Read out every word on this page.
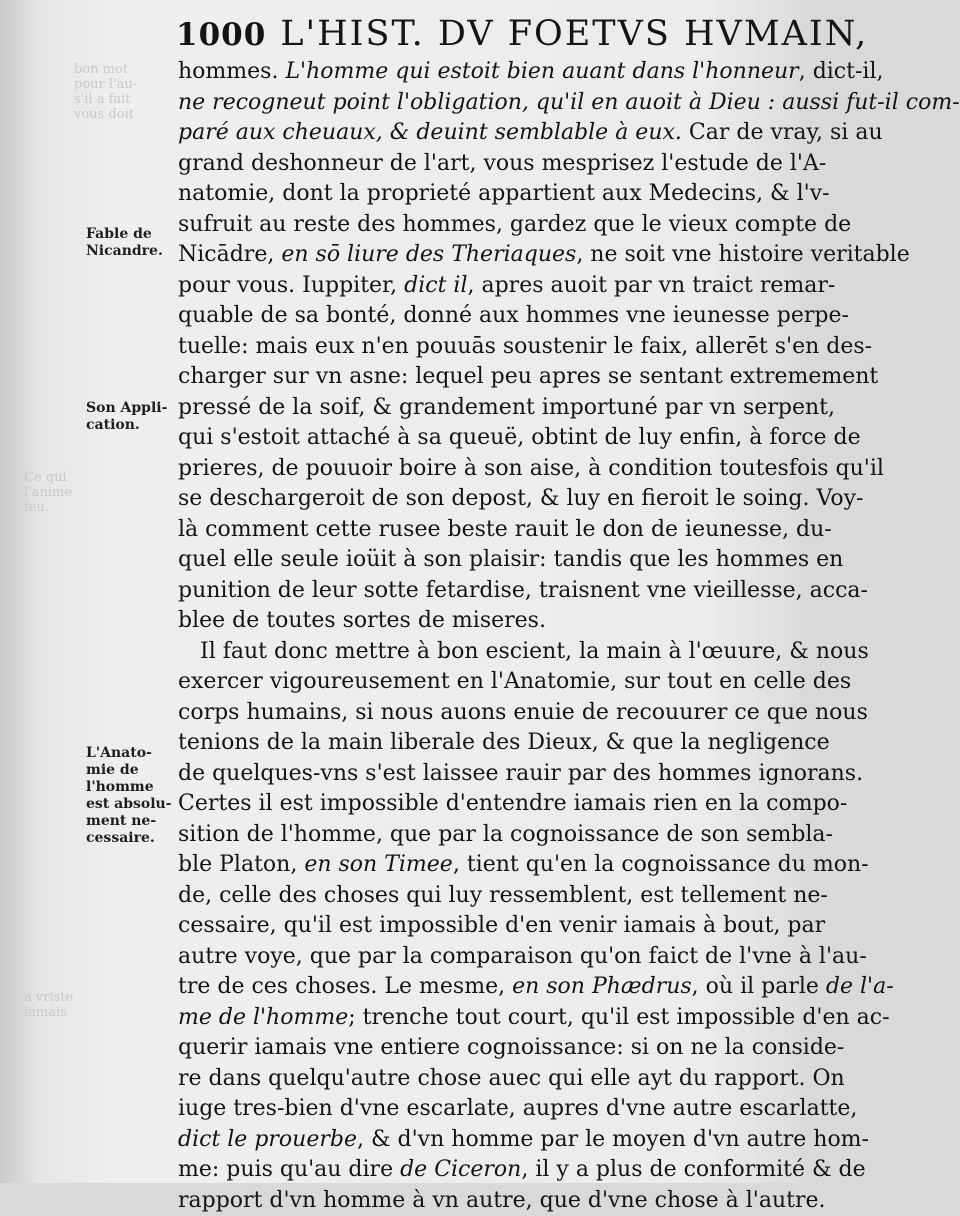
1000 L'HIST. DV FOETVS HVMAIN,
bon mot
pour l'au-
s'il a fait
vous doit
Ce qui
l'anime
feu.
a vriste
iamais
Fable de
Nicandre.
Son Appli-
cation.
L'Anato-
mie de
l'homme
est absolu-
ment ne-
cessaire.
hommes. L'homme qui estoit bien auant dans l'honneur, dict-il,
ne recogneut point l'obligation, qu'il en auoit à Dieu : aussi fut-il com-
paré aux cheuaux, & deuint semblable à eux. Car de vray, si au
grand deshonneur de l'art, vous mesprisez l'estude de l'A-
natomie, dont la proprieté appartient aux Medecins, & l'v-
sufruit au reste des hommes, gardez que le vieux compte de
Nicādre, en sō liure des Theriaques, ne soit vne histoire veritable
pour vous. Iuppiter, dict il, apres auoit par vn traict remar-
quable de sa bonté, donné aux hommes vne ieunesse perpe-
tuelle: mais eux n'en pouuās soustenir le faix, allerēt s'en des-
charger sur vn asne: lequel peu apres se sentant extremement
pressé de la soif, & grandement importuné par vn serpent,
qui s'estoit attaché à sa queuë, obtint de luy enfin, à force de
prieres, de pouuoir boire à son aise, à condition toutesfois qu'il
se deschargeroit de son depost, & luy en fieroit le soing. Voy-
là comment cette rusee beste rauit le don de ieunesse, du-
quel elle seule ioüit à son plaisir: tandis que les hommes en
punition de leur sotte fetardise, traisnent vne vieillesse, acca-
blee de toutes sortes de miseres.
Il faut donc mettre à bon escient, la main à l'œuure, & nous
exercer vigoureusement en l'Anatomie, sur tout en celle des
corps humains, si nous auons enuie de recouurer ce que nous
tenions de la main liberale des Dieux, & que la negligence
de quelques-vns s'est laissee rauir par des hommes ignorans.
Certes il est impossible d'entendre iamais rien en la compo-
sition de l'homme, que par la cognoissance de son sembla-
ble Platon, en son Timee, tient qu'en la cognoissance du mon-
de, celle des choses qui luy ressemblent, est tellement ne-
cessaire, qu'il est impossible d'en venir iamais à bout, par
autre voye, que par la comparaison qu'on faict de l'vne à l'au-
tre de ces choses. Le mesme, en son Phædrus, où il parle de l'a-
me de l'homme; trenche tout court, qu'il est impossible d'en ac-
querir iamais vne entiere cognoissance: si on ne la conside-
re dans quelqu'autre chose auec qui elle ayt du rapport. On
iuge tres-bien d'vne escarlate, aupres d'vne autre escarlatte,
dict le prouerbe, & d'vn homme par le moyen d'vn autre hom-
me: puis qu'au dire de Ciceron, il y a plus de conformité & de
rapport d'vn homme à vn autre, que d'vne chose à l'autre.
